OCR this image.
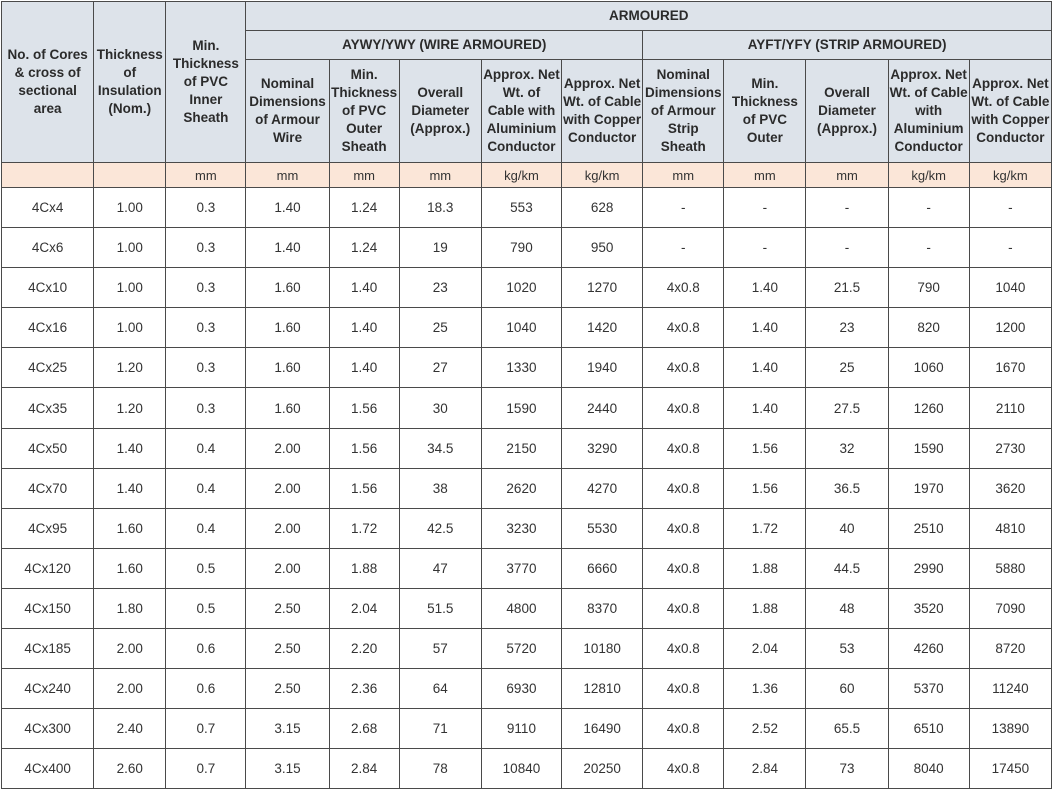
No. of Cores & cross of sectional area	Thickness of Insulation (Nom.)	Min. Thickness of PVC Inner Sheath	ARMOURED									
			AYWY/YWY (WIRE ARMOURED)					AYFT/YFY (STRIP ARMOURED)				
			Nominal Dimensions of Armour Wire	Min. Thickness of PVC Outer Sheath	Overall Diameter (Approx.)	Approx. Net Wt. of Cable with Aluminium Conductor	Approx. Net Wt. of Cable with Copper Conductor	Nominal Dimensions of Armour Strip Sheath	Min. Thickness of PVC Outer	Overall Diameter (Approx.)	Approx. Net Wt. of Cable with Aluminium Conductor	Approx. Net Wt. of Cable with Copper Conductor
		mm	mm	mm	mm	kg/km	kg/km	mm	mm	mm	kg/km	kg/km
4Cx4	1.00	0.3	1.40	1.24	18.3	553	628	-	-	-	-	-
4Cx6	1.00	0.3	1.40	1.24	19	790	950	-	-	-	-	-
4Cx10	1.00	0.3	1.60	1.40	23	1020	1270	4x0.8	1.40	21.5	790	1040
4Cx16	1.00	0.3	1.60	1.40	25	1040	1420	4x0.8	1.40	23	820	1200
4Cx25	1.20	0.3	1.60	1.40	27	1330	1940	4x0.8	1.40	25	1060	1670
4Cx35	1.20	0.3	1.60	1.56	30	1590	2440	4x0.8	1.40	27.5	1260	2110
4Cx50	1.40	0.4	2.00	1.56	34.5	2150	3290	4x0.8	1.56	32	1590	2730
4Cx70	1.40	0.4	2.00	1.56	38	2620	4270	4x0.8	1.56	36.5	1970	3620
4Cx95	1.60	0.4	2.00	1.72	42.5	3230	5530	4x0.8	1.72	40	2510	4810
4Cx120	1.60	0.5	2.00	1.88	47	3770	6660	4x0.8	1.88	44.5	2990	5880
4Cx150	1.80	0.5	2.50	2.04	51.5	4800	8370	4x0.8	1.88	48	3520	7090
4Cx185	2.00	0.6	2.50	2.20	57	5720	10180	4x0.8	2.04	53	4260	8720
4Cx240	2.00	0.6	2.50	2.36	64	6930	12810	4x0.8	1.36	60	5370	11240
4Cx300	2.40	0.7	3.15	2.68	71	9110	16490	4x0.8	2.52	65.5	6510	13890
4Cx400	2.60	0.7	3.15	2.84	78	10840	20250	4x0.8	2.84	73	8040	17450
